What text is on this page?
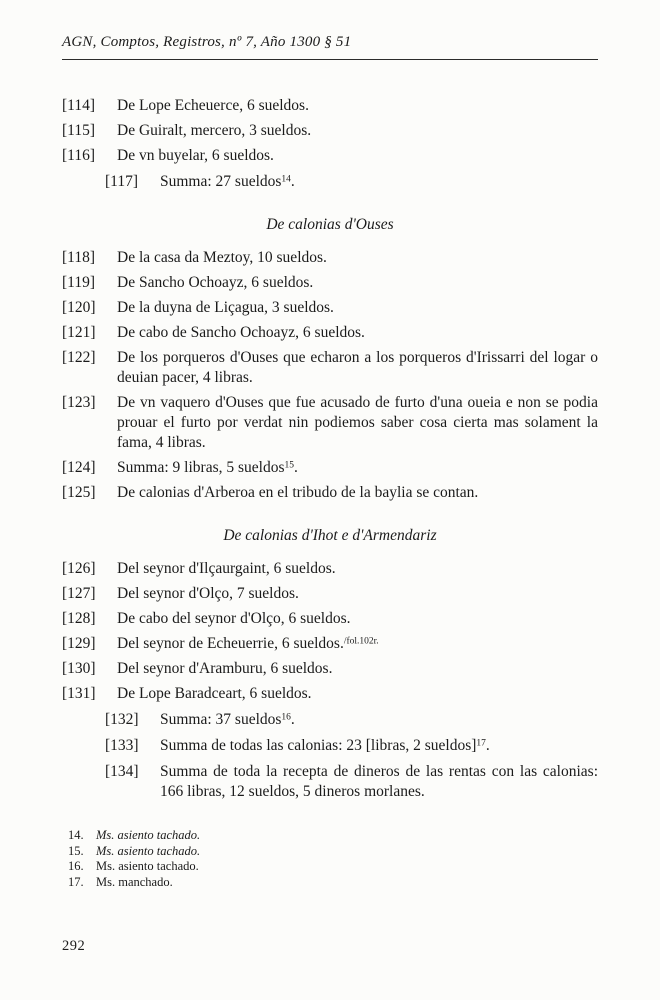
AGN, Comptos, Registros, nº 7, Año 1300 § 51
[114] De Lope Echeuerce, 6 sueldos.
[115] De Guiralt, mercero, 3 sueldos.
[116] De vn buyelar, 6 sueldos.
[117] Summa: 27 sueldos$^{14}$.
De calonias d'Ouses
[118] De la casa da Meztoy, 10 sueldos.
[119] De Sancho Ochoayz, 6 sueldos.
[120] De la duyna de Liçagua, 3 sueldos.
[121] De cabo de Sancho Ochoayz, 6 sueldos.
[122] De los porqueros d'Ouses que echaron a los porqueros d'Irissarri del logar o deuian pacer, 4 libras.
[123] De vn vaquero d'Ouses que fue acusado de furto d'una oueia e non se podia prouar el furto por verdat nin podiemos saber cosa cierta mas solament la fama, 4 libras.
[124] Summa: 9 libras, 5 sueldos$^{15}$.
[125] De calonias d'Arberoa en el tribudo de la baylia se contan.
De calonias d'Ihot e d'Armendariz
[126] Del seynor d'Ilçaurgaint, 6 sueldos.
[127] Del seynor d'Olço, 7 sueldos.
[128] De cabo del seynor d'Olço, 6 sueldos.
[129] Del seynor de Echeuerrie, 6 sueldos.$^{/fol.102r.}$
[130] Del seynor d'Aramburu, 6 sueldos.
[131] De Lope Baradceart, 6 sueldos.
[132] Summa: 37 sueldos$^{16}$.
[133] Summa de todas las calonias: 23 [libras, 2 sueldos]$^{17}$.
[134] Summa de toda la recepta de dineros de las rentas con las calonias: 166 libras, 12 sueldos, 5 dineros morlanes.
14. Ms. asiento tachado.
15. Ms. asiento tachado.
16. Ms. asiento tachado.
17. Ms. manchado.
292
